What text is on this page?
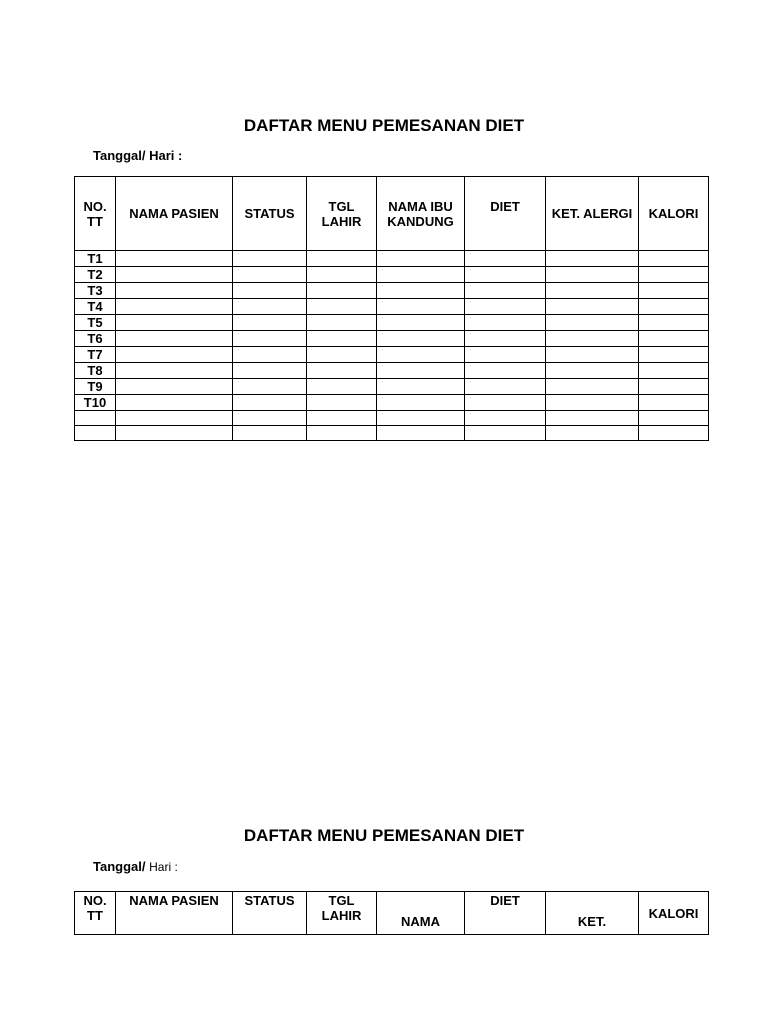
DAFTAR MENU PEMESANAN DIET
Tanggal/ Hari :
NO. TT	NAMA PASIEN	STATUS	TGL LAHIR	NAMA IBU KANDUNG	DIET	KET. ALERGI	KALORI
T1							
T2							
T3							
T4							
T5							
T6							
T7							
T8							
T9							
T10							

DAFTAR MENU PEMESANAN DIET
Tanggal/ Hari :
NO. TT	NAMA PASIEN	STATUS	TGL LAHIR	NAMA	DIET	KET.	KALORI
